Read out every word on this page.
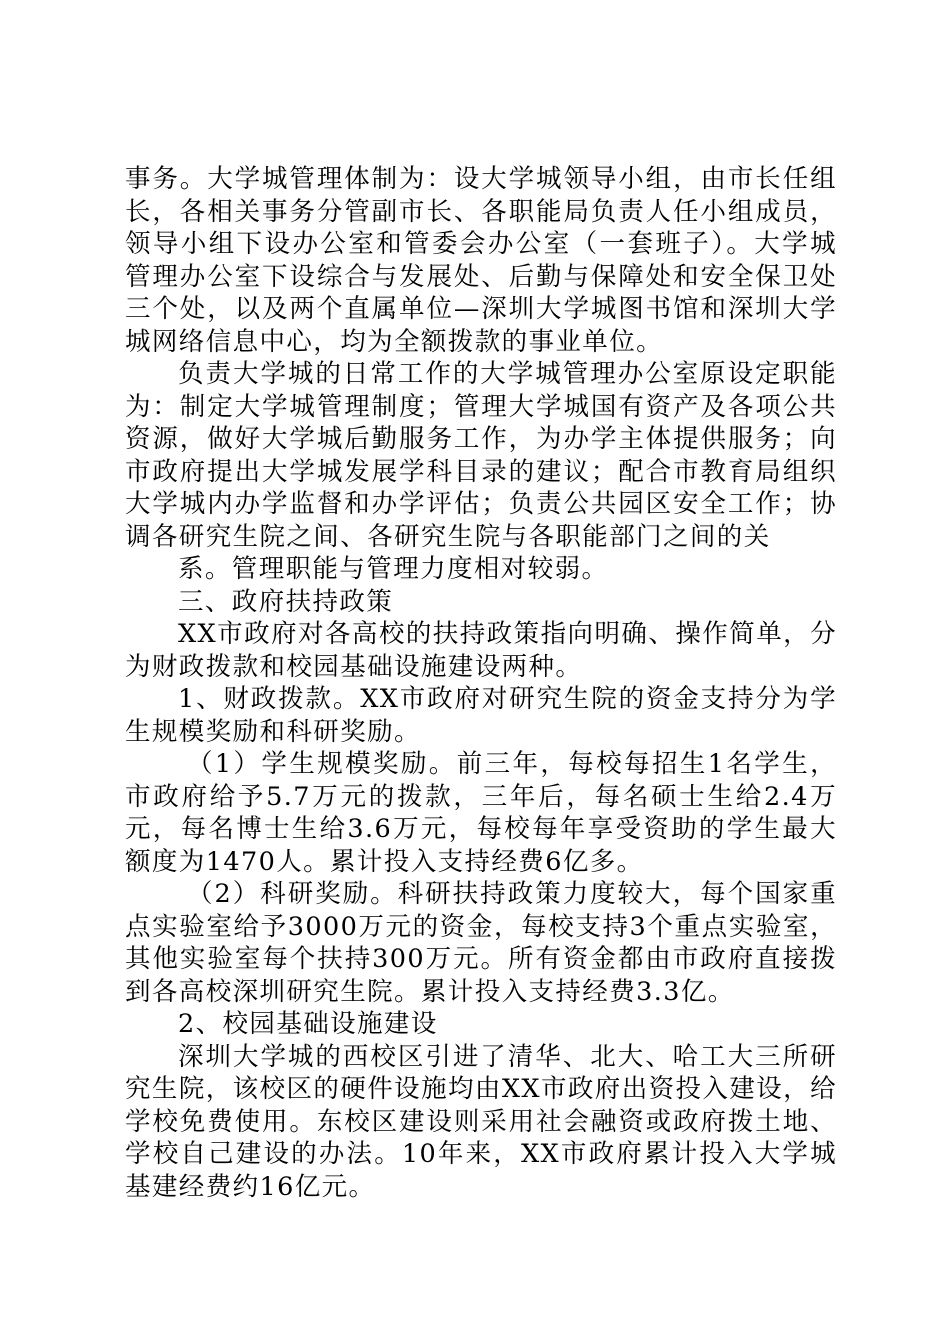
事务。大学城管理体制为：设大学城领导小组，由市长任组长，各相关事务分管副市长、各职能局负责人任小组成员，领导小组下设办公室和管委会办公室（一套班子）。大学城管理办公室下设综合与发展处、后勤与保障处和安全保卫处三个处，以及两个直属单位—深圳大学城图书馆和深圳大学城网络信息中心，均为全额拨款的事业单位。

负责大学城的日常工作的大学城管理办公室原设定职能为：制定大学城管理制度；管理大学城国有资产及各项公共资源，做好大学城后勤服务工作，为办学主体提供服务；向市政府提出大学城发展学科目录的建议；配合市教育局组织大学城内办学监督和办学评估；负责公共园区安全工作；协调各研究生院之间、各研究生院与各职能部门之间的关

系。管理职能与管理力度相对较弱。

三、政府扶持政策

XX市政府对各高校的扶持政策指向明确、操作简单，分为财政拨款和校园基础设施建设两种。

1、财政拨款。XX市政府对研究生院的资金支持分为学生规模奖励和科研奖励。

（1）学生规模奖励。前三年，每校每招生1名学生，市政府给予5.7万元的拨款，三年后，每名硕士生给2.4万元，每名博士生给3.6万元，每校每年享受资助的学生最大额度为1470人。累计投入支持经费6亿多。

（2）科研奖励。科研扶持政策力度较大，每个国家重点实验室给予3000万元的资金，每校支持3个重点实验室，其他实验室每个扶持300万元。所有资金都由市政府直接拨到各高校深圳研究生院。累计投入支持经费3.3亿。

2、校园基础设施建设

深圳大学城的西校区引进了清华、北大、哈工大三所研究生院，该校区的硬件设施均由XX市政府出资投入建设，给学校免费使用。东校区建设则采用社会融资或政府拨土地、学校自己建设的办法。10年来，XX市政府累计投入大学城基建经费约16亿元。
